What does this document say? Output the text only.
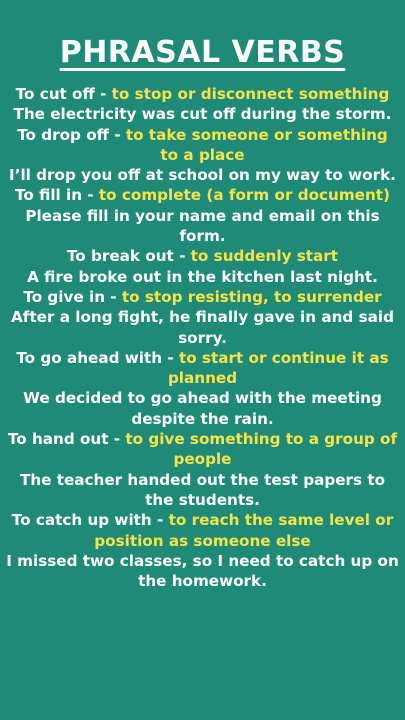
PHRASAL VERBS
To cut off - to stop or disconnect something
The electricity was cut off during the storm.
To drop off - to take someone or something to a place
I’ll drop you off at school on my way to work.
To fill in - to complete (a form or document)
Please fill in your name and email on this form.
To break out - to suddenly start
A fire broke out in the kitchen last night.
To give in - to stop resisting, to surrender
After a long fight, he finally gave in and said sorry.
To go ahead with - to start or continue it as planned
We decided to go ahead with the meeting despite the rain.
To hand out - to give something to a group of people
The teacher handed out the test papers to the students.
To catch up with - to reach the same level or position as someone else
I missed two classes, so I need to catch up on the homework.
